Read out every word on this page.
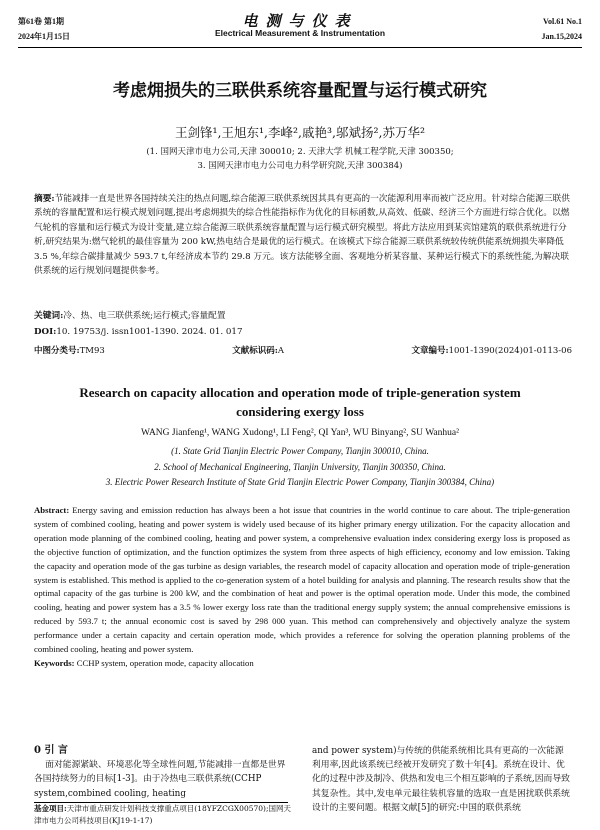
第61卷 第1期
2024年1月15日
电测与仪表
Electrical Measurement & Instrumentation
Vol.61 No.1
Jan.15,2024
考虑㶲损失的三联供系统容量配置与运行模式研究
王剑锋¹,王旭东¹,李峰²,戚艳³,邬斌扬²,苏万华²
(1. 国网天津市电力公司,天津 300010; 2. 天津大学 机械工程学院,天津 300350;
3. 国网天津市电力公司电力科学研究院,天津 300384)
摘要:节能减排一直是世界各国持续关注的热点问题,综合能源三联供系统因其具有更高的一次能源利用率而被广泛应用。针对综合能源三联供系统的容量配置和运行模式规划问题,提出考虑㶲损失的综合性能指标作为优化的目标函数,从高效、低碳、经济三个方面进行综合优化。以燃气轮机的容量和运行模式为设计变量,建立综合能源三联供系统容量配置与运行模式研究模型。将此方法应用到某宾馆建筑的联供系统进行分析,研究结果为:燃气轮机的最佳容量为 200 kW,热电结合是最优的运行模式。在该模式下综合能源三联供系统较传统供能系统㶲损失率降低 3.5 %,年综合碳排量减少 593.7 t,年经济成本节约 29.8 万元。该方法能够全面、客观地分析某容量、某种运行模式下的系统性能,为解决联供系统的运行规划问题提供参考。
关键词:冷、热、电三联供系统;运行模式;容量配置
DOI:10. 19753/j. issn1001-1390. 2024. 01. 017
中图分类号:TM93	文献标识码:A	文章编号:1001-1390(2024)01-0113-06
Research on capacity allocation and operation mode of triple-generation system
considering exergy loss
WANG Jianfeng¹, WANG Xudong¹, LI Feng², QI Yan³, WU Binyang², SU Wanhua²
(1. State Grid Tianjin Electric Power Company, Tianjin 300010, China.
2. School of Mechanical Engineering, Tianjin University, Tianjin 300350, China.
3. Electric Power Research Institute of State Grid Tianjin Electric Power Company, Tianjin 300384, China)
Abstract: Energy saving and emission reduction has always been a hot issue that countries in the world continue to care about. The triple-generation system of combined cooling, heating and power system is widely used because of its higher primary energy utilization. For the capacity allocation and operation mode planning of the combined cooling, heating and power system, a comprehensive evaluation index considering exergy loss is proposed as the objective function of optimization, and the function optimizes the system from three aspects of high efficiency, economy and low emission. Taking the capacity and operation mode of the gas turbine as design variables, the research model of capacity allocation and operation mode of triple-generation system is established. This method is applied to the co-generation system of a hotel building for analysis and planning. The research results show that the optimal capacity of the gas turbine is 200 kW, and the combination of heat and power is the optimal operation mode. Under this mode, the combined cooling, heating and power system has a 3.5 % lower exergy loss rate than the traditional energy supply system; the annual comprehensive emissions is reduced by 593.7 t; the annual economic cost is saved by 298 000 yuan. This method can comprehensively and objectively analyze the system performance under a certain capacity and certain operation mode, which provides a reference for solving the operation planning problems of the combined cooling, heating and power system.
Keywords: CCHP system, operation mode, capacity allocation
0 引 言
面对能源紧缺、环境恶化等全球性问题,节能减排一直都是世界各国持续努力的目标[1-3]。由于冷热电三联供系统(CCHP system,combined cooling, heating
and power system)与传统的供能系统相比具有更高的一次能源利用率,因此该系统已经被开发研究了数十年[4]。系统在设计、优化的过程中涉及制冷、供热和发电三个相互影响的子系统,因而导致其复杂性。其中,发电单元最往装机容量的选取一直是困扰联供系统设计的主要问题。根据文献[5]的研究:中国的联供系统
基金项目:天津市重点研发计划科技支撑重点项目(18YFZCGX00570);国网天津市电力公司科技项目(KJ19-1-17)
